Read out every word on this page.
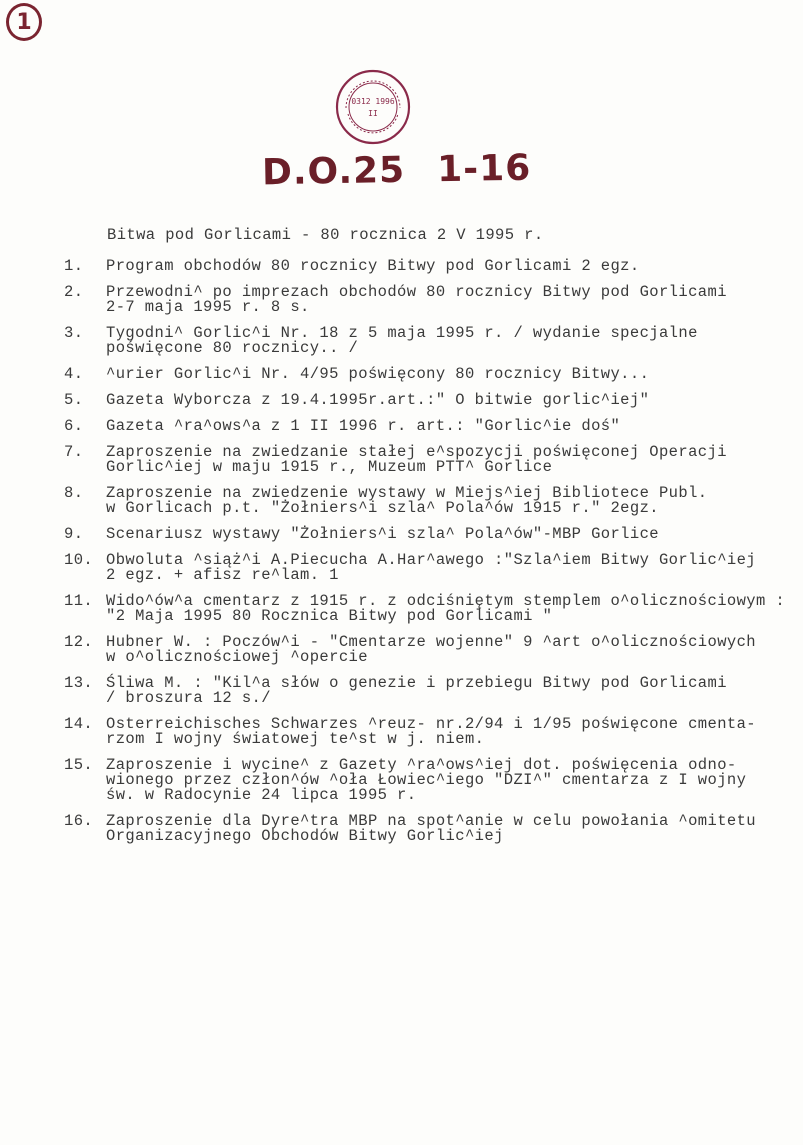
1
0312 1996
II
D.O.25 1-16
Bitwa pod Gorlicami - 80 rocznica 2 V 1995 r.
1.	Program obchodów 80 rocznicy Bitwy pod Gorlicami 2 egz.
2.	Przewodni^ po imprezach obchodów 80 rocznicy Bitwy pod Gorlicami
2-7 maja 1995 r. 8 s.
3.	Tygodni^ Gorlic^i Nr. 18 z 5 maja 1995 r. / wydanie specjalne
poświęcone 80 rocznicy.. /
4.	^urier Gorlic^i Nr. 4/95 poświęcony 80 rocznicy Bitwy...
5.	Gazeta Wyborcza z 19.4.1995r.art.:" O bitwie gorlic^iej"
6.	Gazeta ^ra^ows^a z 1 II 1996 r. art.: "Gorlic^ie doś"
7.	Zaproszenie na zwiedzanie stałej e^spozycji poświęconej Operacji
Gorlic^iej w maju 1915 r., Muzeum PTT^ Gorlice
8.	Zaproszenie na zwiedzenie wystawy w Miejs^iej Bibliotece Publ.
w Gorlicach p.t. "Żołniers^i szla^ Pola^ów 1915 r." 2egz.
9.	Scenariusz wystawy "Żołniers^i szla^ Pola^ów"-MBP Gorlice
10. Obwoluta ^siąż^i A.Piecucha A.Har^awego :"Szla^iem Bitwy Gorlic^iej
2 egz. + afisz re^lam. 1
11. Wido^ów^a cmentarz z 1915 r. z odciśniętym stemplem o^olicznościowym :
"2 Maja 1995 80 Rocznica Bitwy pod Gorlicami "
12. Hubner W. : Poczów^i - "Cmentarze wojenne" 9 ^art o^olicznościowych
w o^olicznościowej ^opercie
13. Śliwa M. : "Kil^a słów o genezie i przebiegu Bitwy pod Gorlicami
/ broszura 12 s./
14. Osterreichisches Schwarzes ^reuz- nr.2/94 i 1/95 poświęcone cmenta-
rzom I wojny światowej te^st w j. niem.
15. Zaproszenie i wycine^ z Gazety ^ra^ows^iej dot. poświęcenia odno-
wionego przez człon^ów ^oła Łowiec^iego "DZI^" cmentarza z I wojny
św. w Radocynie 24 lipca 1995 r.
16. Zaproszenie dla Dyre^tra MBP na spot^anie w celu powołania ^omitetu
Organizacyjnego Obchodów Bitwy Gorlic^iej
